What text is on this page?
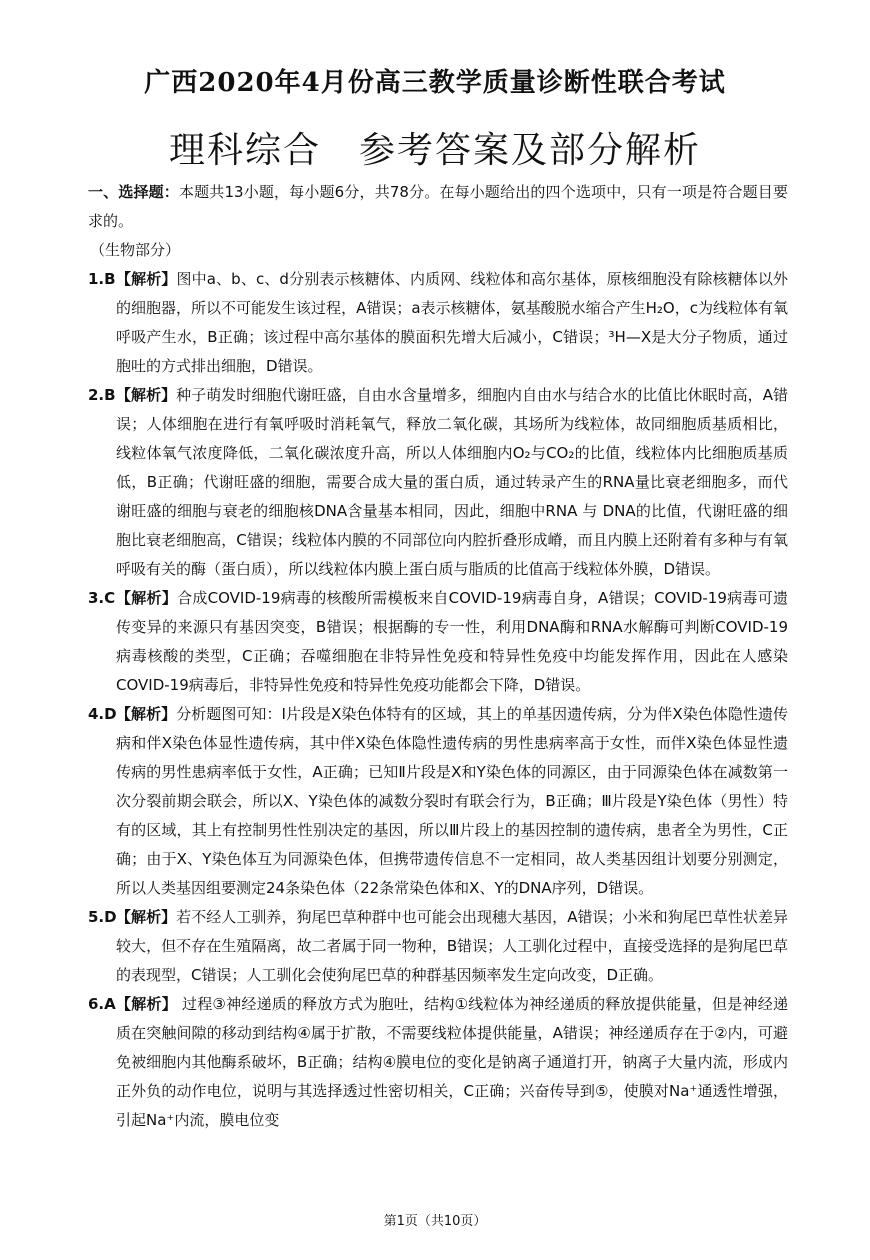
广西2020年4月份高三教学质量诊断性联合考试
理科综合　参考答案及部分解析

一、选择题：本题共13小题，每小题6分，共78分。在每小题给出的四个选项中，只有一项是符合题目要求的。

（生物部分）

1.B 【解析】图中a、b、c、d分别表示核糖体、内质网、线粒体和高尔基体，原核细胞没有除核糖体以外的细胞器，所以不可能发生该过程，A错误；a表示核糖体，氨基酸脱水缩合产生H₂O，c为线粒体有氧呼吸产生水，B正确；该过程中高尔基体的膜面积先增大后减小，C错误；³H—X是大分子物质，通过胞吐的方式排出细胞，D错误。

2.B 【解析】种子萌发时细胞代谢旺盛，自由水含量增多，细胞内自由水与结合水的比值比休眠时高，A错误；人体细胞在进行有氧呼吸时消耗氧气，释放二氧化碳，其场所为线粒体，故同细胞质基质相比，线粒体氧气浓度降低，二氧化碳浓度升高，所以人体细胞内O₂与CO₂的比值，线粒体内比细胞质基质低，B正确；代谢旺盛的细胞，需要合成大量的蛋白质，通过转录产生的RNA量比衰老细胞多，而代谢旺盛的细胞与衰老的细胞核DNA含量基本相同，因此，细胞中RNA 与 DNA的比值，代谢旺盛的细胞比衰老细胞高，C错误；线粒体内膜的不同部位向内腔折叠形成嵴，而且内膜上还附着有多种与有氧呼吸有关的酶（蛋白质），所以线粒体内膜上蛋白质与脂质的比值高于线粒体外膜，D错误。

3.C 【解析】合成COVID-19病毒的核酸所需模板来自COVID-19病毒自身，A错误；COVID-19病毒可遗传变异的来源只有基因突变，B错误；根据酶的专一性，利用DNA酶和RNA水解酶可判断COVID-19病毒核酸的类型，C正确；吞噬细胞在非特异性免疫和特异性免疫中均能发挥作用，因此在人感染COVID-19病毒后，非特异性免疫和特异性免疫功能都会下降，D错误。

4.D 【解析】分析题图可知：Ⅰ片段是X染色体特有的区域，其上的单基因遗传病，分为伴X染色体隐性遗传病和伴X染色体显性遗传病，其中伴X染色体隐性遗传病的男性患病率高于女性，而伴X染色体显性遗传病的男性患病率低于女性，A正确；已知Ⅱ片段是X和Y染色体的同源区，由于同源染色体在减数第一次分裂前期会联会，所以X、Y染色体的减数分裂时有联会行为，B正确；Ⅲ片段是Y染色体（男性）特有的区域，其上有控制男性性别决定的基因，所以Ⅲ片段上的基因控制的遗传病，患者全为男性，C正确；由于X、Y染色体互为同源染色体，但携带遗传信息不一定相同，故人类基因组计划要分别测定，所以人类基因组要测定24条染色体（22条常染色体和X、Y的DNA序列，D错误。

5.D 【解析】若不经人工驯养，狗尾巴草种群中也可能会出现穗大基因，A错误；小米和狗尾巴草性状差异较大，但不存在生殖隔离，故二者属于同一物种，B错误；人工驯化过程中，直接受选择的是狗尾巴草的表现型，C错误；人工驯化会使狗尾巴草的种群基因频率发生定向改变，D正确。

6.A 【解析】 过程③神经递质的释放方式为胞吐，结构①线粒体为神经递质的释放提供能量，但是神经递质在突触间隙的移动到结构④属于扩散，不需要线粒体提供能量，A错误；神经递质存在于②内，可避免被细胞内其他酶系破坏，B正确；结构④膜电位的变化是钠离子通道打开，钠离子大量内流，形成内正外负的动作电位，说明与其选择透过性密切相关，C正确；兴奋传导到⑤，使膜对Na⁺通透性增强，引起Na⁺内流，膜电位变

第1页（共10页）
